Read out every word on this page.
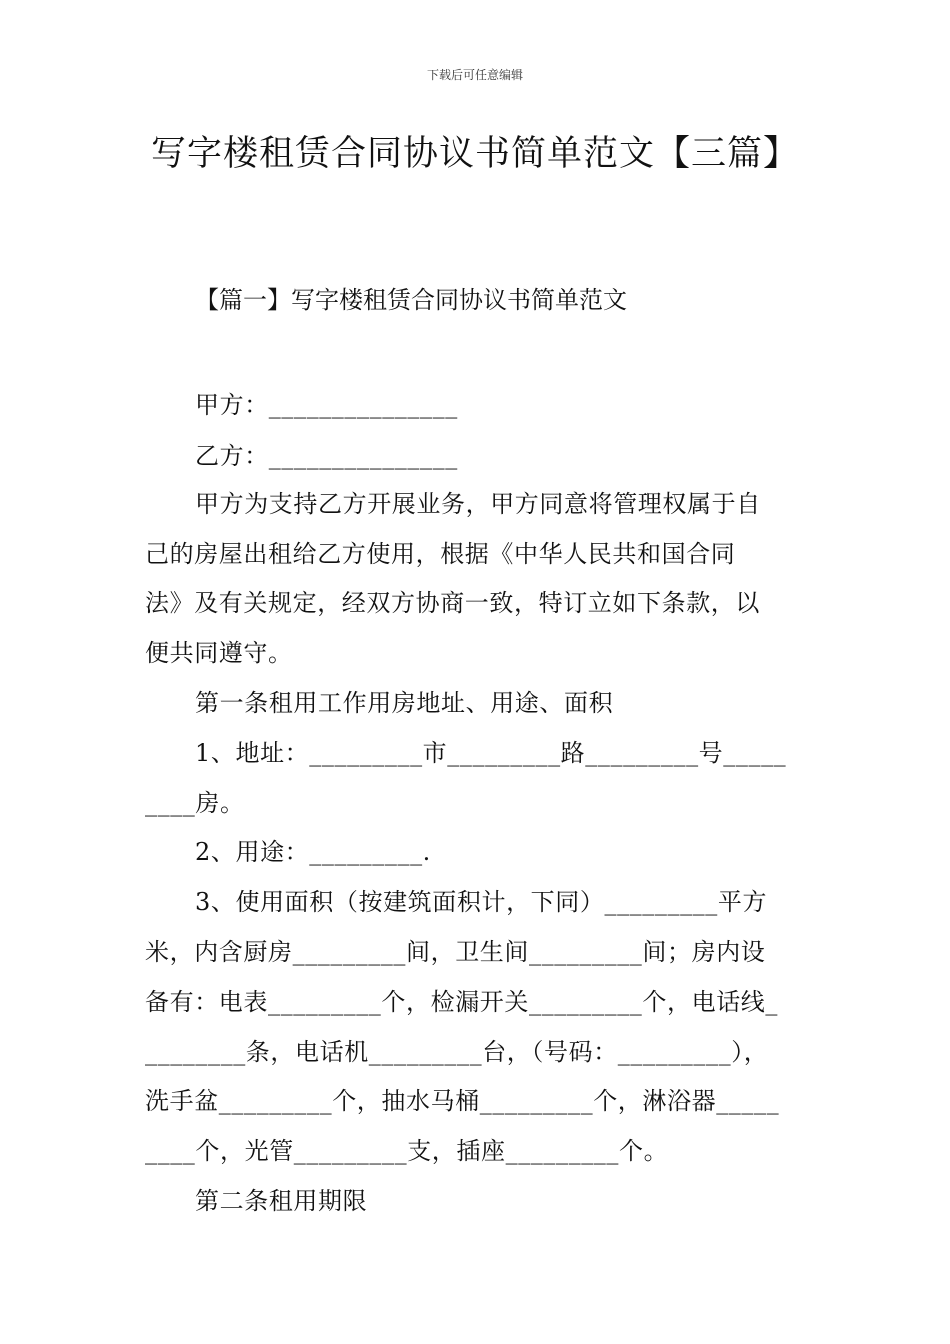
下载后可任意编辑
写字楼租赁合同协议书简单范文【三篇】
【篇一】写字楼租赁合同协议书简单范文
甲方：_______________
乙方：_______________
甲方为支持乙方开展业务，甲方同意将管理权属于自
己的房屋出租给乙方使用，根据《中华人民共和国合同
法》及有关规定，经双方协商一致，特订立如下条款，以
便共同遵守。
第一条租用工作用房地址、用途、面积
1、地址：_________市_________路_________号_____
____房。
2、用途：_________.
3、使用面积（按建筑面积计，下同）_________平方
米，内含厨房_________间，卫生间_________间；房内设
备有：电表_________个，检漏开关_________个，电话线_
________条，电话机_________台，（号码：_________），
洗手盆_________个，抽水马桶_________个，淋浴器_____
____个，光管_________支，插座_________个。
第二条租用期限
